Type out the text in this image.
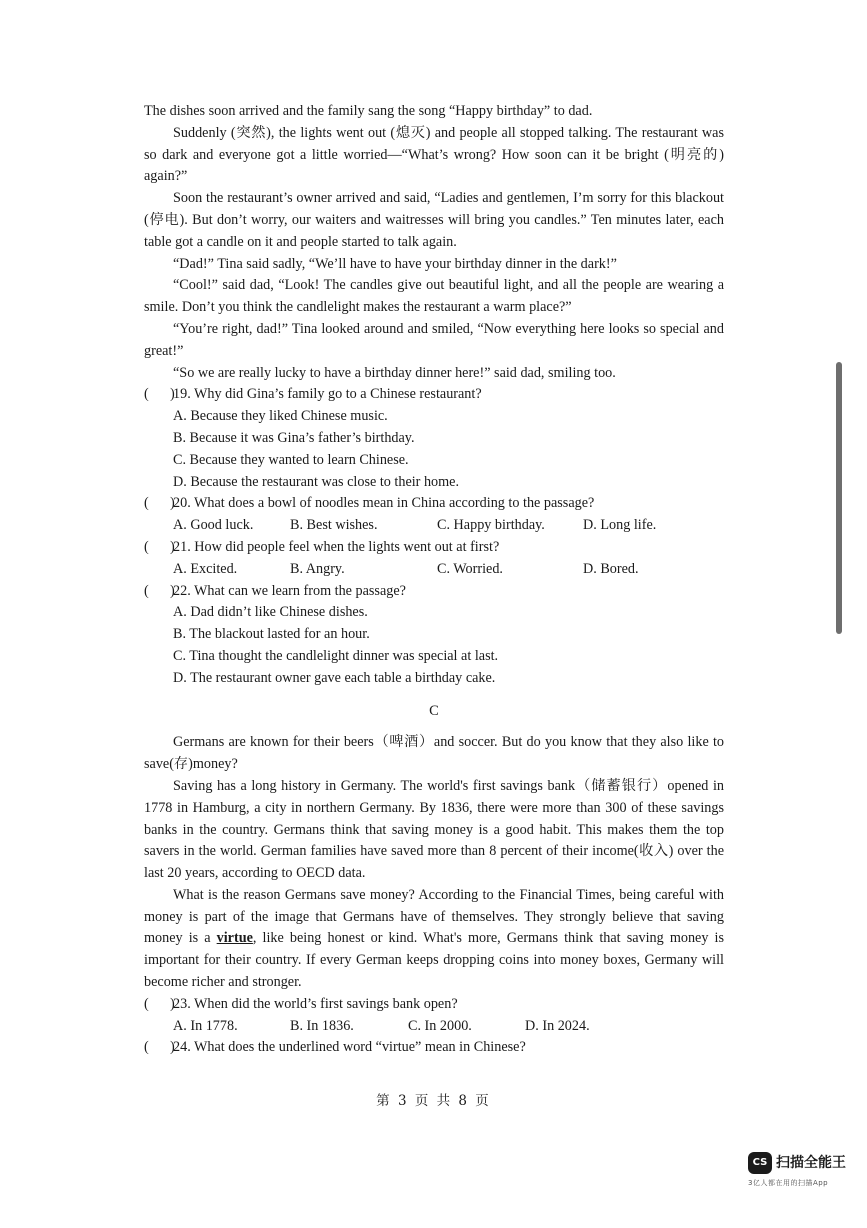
The dishes soon arrived and the family sang the song “Happy birthday” to dad.

Suddenly (突然), the lights went out (熄灭) and people all stopped talking. The restaurant was so dark and everyone got a little worried—“What’s wrong? How soon can it be bright (明亮的) again?”

Soon the restaurant’s owner arrived and said, “Ladies and gentlemen, I’m sorry for this blackout (停电). But don’t worry, our waiters and waitresses will bring you candles.” Ten minutes later, each table got a candle on it and people started to talk again.

“Dad!” Tina said sadly, “We’ll have to have your birthday dinner in the dark!”

“Cool!” said dad, “Look! The candles give out beautiful light, and all the people are wearing a smile. Don’t you think the candlelight makes the restaurant a warm place?”

“You’re right, dad!” Tina looked around and smiled, “Now everything here looks so special and great!”

“So we are really lucky to have a birthday dinner here!” said dad, smiling too.

(      )
19. Why did Gina’s family go to a Chinese restaurant?

A. Because they liked Chinese music.

B. Because it was Gina’s father’s birthday.

C. Because they wanted to learn Chinese.

D. Because the restaurant was close to their home.

(      )
20. What does a bowl of noodles mean in China according to the passage?
A. Good luck.	B. Best wishes.	C. Happy birthday.	D. Long life.
(      )
21. How did people feel when the lights went out at first?
A. Excited.	B. Angry.	C. Worried.	D. Bored.
(      )
22. What can we learn from the passage?

A. Dad didn’t like Chinese dishes.

B. The blackout lasted for an hour.

C. Tina thought the candlelight dinner was special at last.

D. The restaurant owner gave each table a birthday cake.

C

Germans are known for their beers（啤酒）and soccer. But do you know that they also like to save(存)money?

Saving has a long history in Germany. The world's first savings bank（储蓄银行）opened in 1778 in Hamburg, a city in northern Germany. By 1836, there were more than 300 of these savings banks in the country. Germans think that saving money is a good habit. This makes them the top savers in the world. German families have saved more than 8 percent of their income(收入) over the last 20 years, according to OECD data.

What is the reason Germans save money? According to the Financial Times, being careful with money is part of the image that Germans have of themselves. They strongly believe that saving money is a virtue, like being honest or kind. What's more, Germans think that saving money is important for their country. If every German keeps dropping coins into money boxes, Germany will become richer and stronger.

(      )
23. When did the world’s first savings bank open?
A. In 1778.	B. In 1836.	C. In 2000.	D. In 2024.
(      )
24. What does the underlined word “virtue” mean in Chinese?
第 3 页 共 8 页
CS 扫描全能王
3亿人都在用的扫描App
